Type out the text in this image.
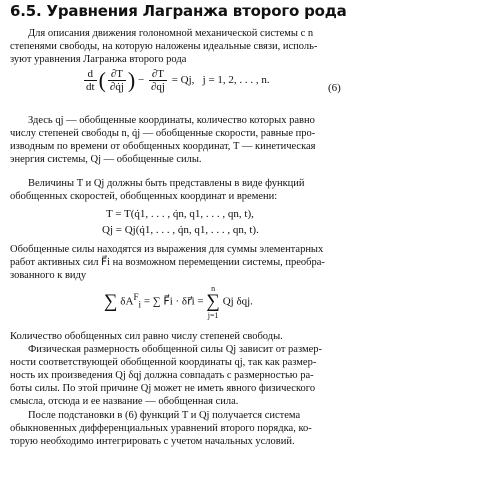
6.5. Уравнения Лагранжа второго рода
Для описания движения голономной механической системы с n
степенями свободы, на которую наложены идеальные связи, исполь-
зуют уравнения Лагранжа второго рода
$\frac{d}{dt}$ ( $\frac{\partial T}{\partial q̇j}$ ) − $\frac{\partial T}{\partial qj} = Qj$, j = 1, 2, . . . , n.
(6)
Здесь qj — обобщенные координаты, количество которых равно
числу степеней свободы n, q̇j — обобщенные скорости, равные про-
изводным по времени от обобщенных координат, T — кинетическая
энергия системы, Qj — обобщенные силы.
Величины T и Qj должны быть представлены в виде функций
обобщенных скоростей, обобщенных координат и времени:
T = T(q̇1, . . . , q̇n, q1, . . . , qn, t),
Qj = Qj(q̇1, . . . , q̇n, q1, . . . , qn, t).
Обобщенные силы находятся из выражения для суммы элементарных
работ активных сил F⃗i на возможном перемещении системы, преобра-
зованного к виду
∑ $\delta A^F_i$ = ∑ F⃗i · δr⃗i = n
∑
j=1 Qj δqj.
Количество обобщенных сил равно числу степеней свободы.
Физическая размерность обобщенной силы Qj зависит от размер-
ности соответствующей обобщенной координаты qj, так как размер-
ность их произведения Qj δqj должна совпадать с размерностью ра-
боты силы. По этой причине Qj может не иметь явного физического
смысла, отсюда и ее название — обобщенная сила.
После подстановки в (6) функций T и Qj получается система
обыкновенных дифференциальных уравнений второго порядка, ко-
торую необходимо интегрировать с учетом начальных условий.
